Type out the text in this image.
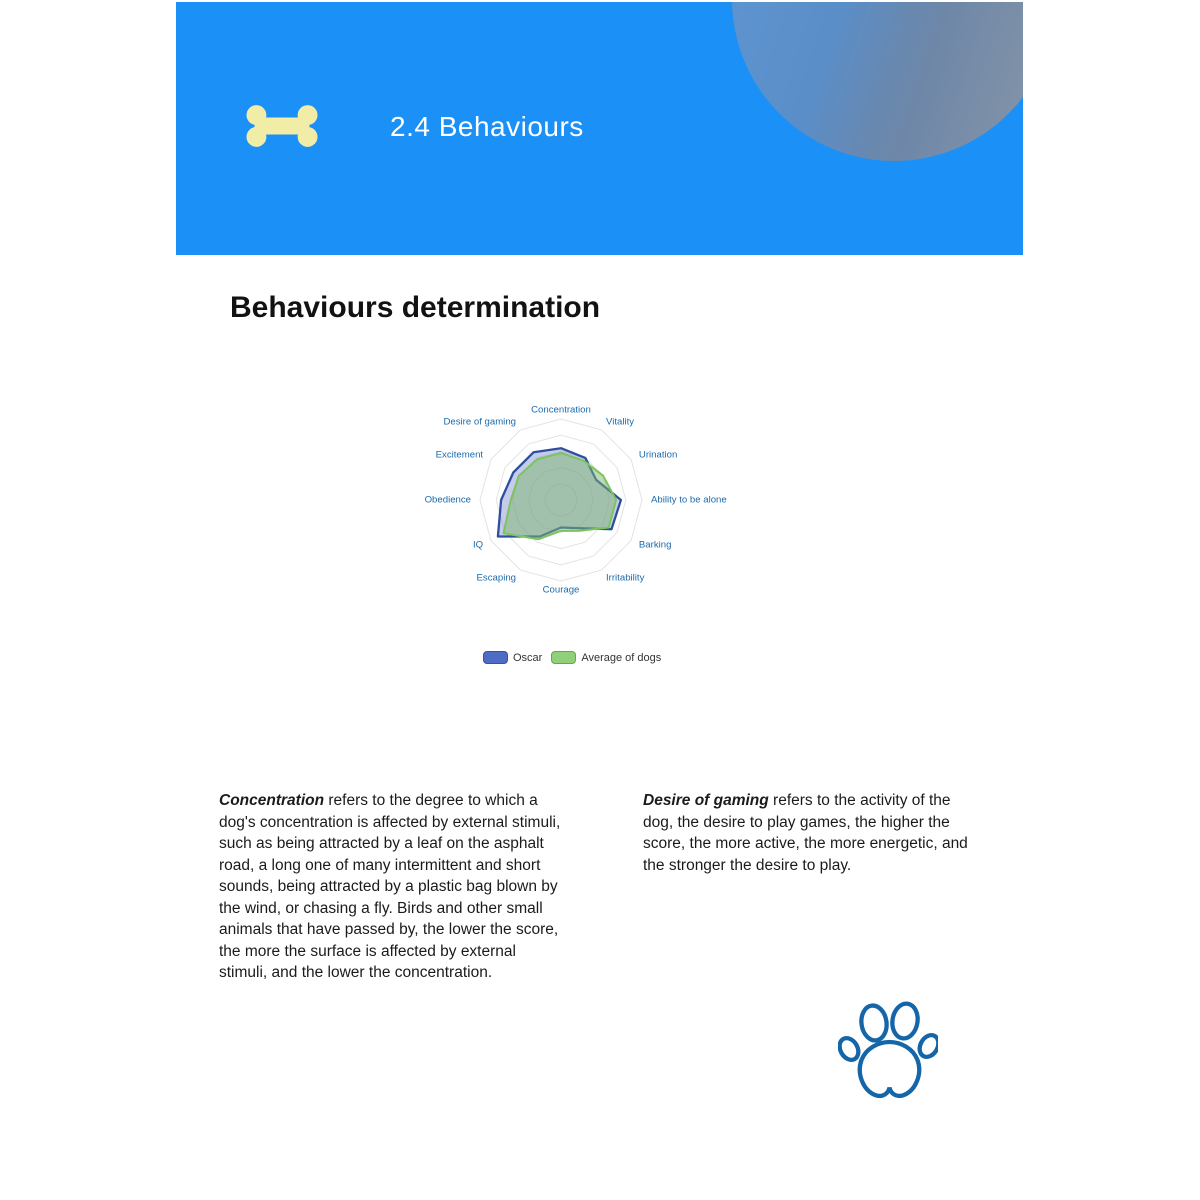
2.4 Behaviours
Behaviours determination
Concentration
Vitality
Urination
Ability to be alone
Barking
Irritability
Courage
Escaping
IQ
Obedience
Excitement
Desire of gaming
Oscar	Average of dogs
Concentration refers to the degree to which a dog's concentration is affected by external stimuli, such as being attracted by a leaf on the asphalt road, a long one of many intermittent and short sounds, being attracted by a plastic bag blown by the wind, or chasing a fly. Birds and other small animals that have passed by, the lower the score, the more the surface is affected by external stimuli, and the lower the concentration.
Desire of gaming refers to the activity of the dog, the desire to play games, the higher the score, the more active, the more energetic, and the stronger the desire to play.
